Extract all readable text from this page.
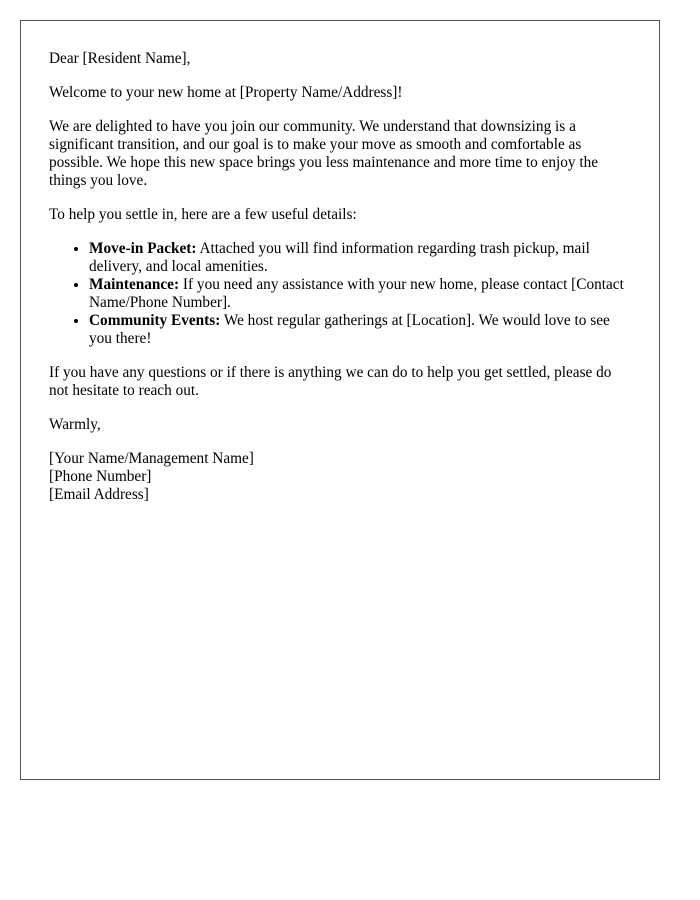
Dear [Resident Name],

Welcome to your new home at [Property Name/Address]!

We are delighted to have you join our community. We understand that downsizing is a significant transition, and our goal is to make your move as smooth and comfortable as possible. We hope this new space brings you less maintenance and more time to enjoy the things you love.

To help you settle in, here are a few useful details:

• Move-in Packet: Attached you will find information regarding trash pickup, mail delivery, and local amenities.
• Maintenance: If you need any assistance with your new home, please contact [Contact Name/Phone Number].
• Community Events: We host regular gatherings at [Location]. We would love to see you there!

If you have any questions or if there is anything we can do to help you get settled, please do not hesitate to reach out.

Warmly,

[Your Name/Management Name]
[Phone Number]
[Email Address]
